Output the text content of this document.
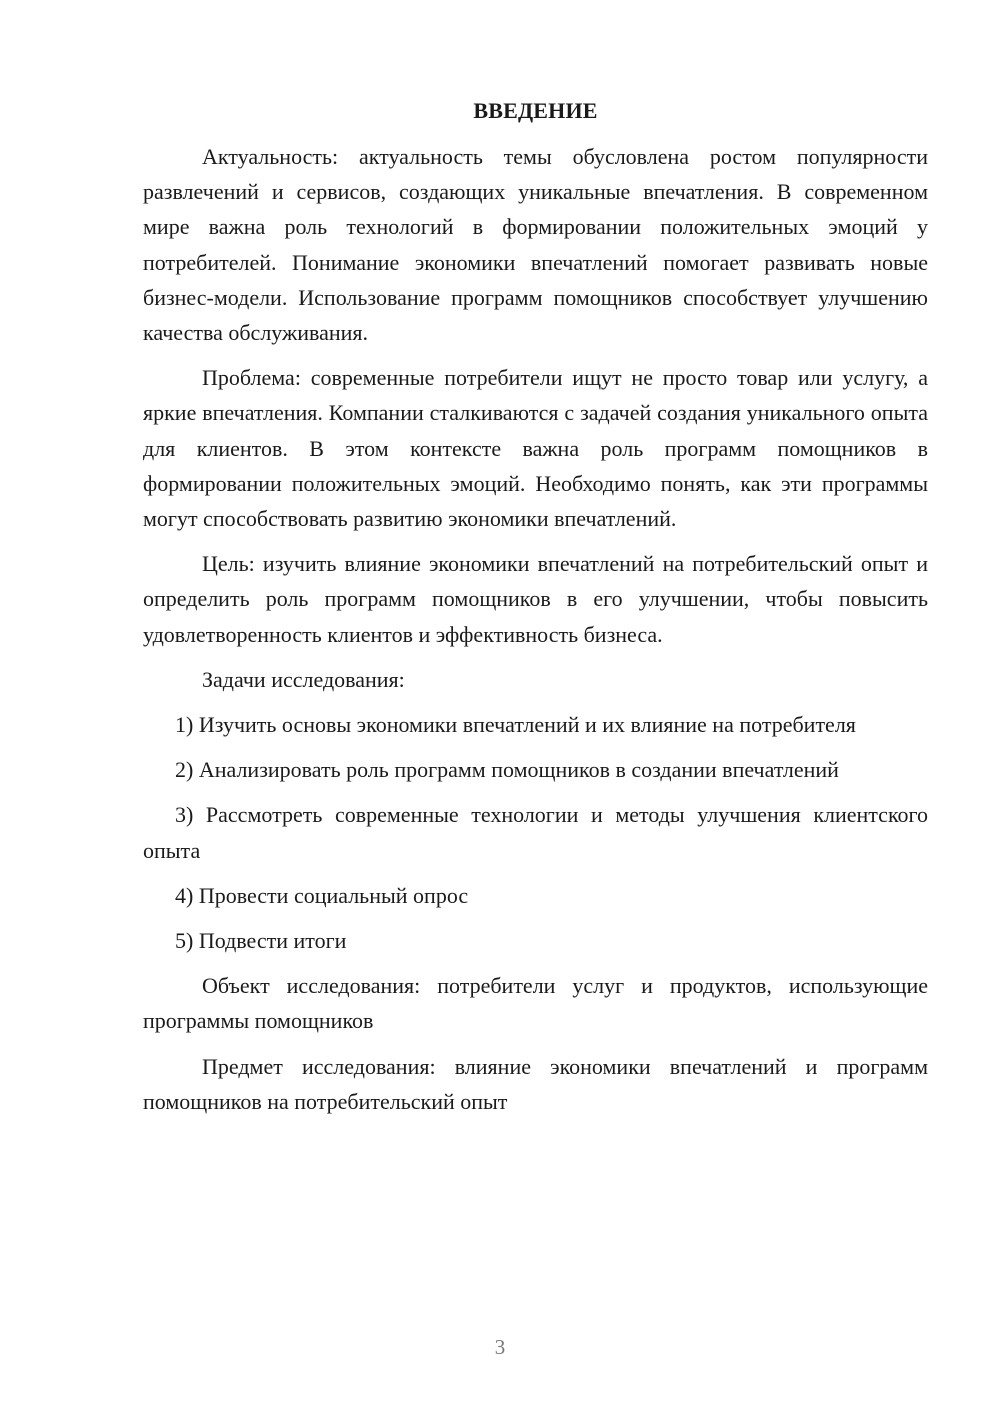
ВВЕДЕНИЕ

Актуальность: актуальность темы обусловлена ростом популярности развлечений и сервисов, создающих уникальные впечатления. В современном мире важна роль технологий в формировании положительных эмоций у потребителей. Понимание экономики впечатлений помогает развивать новые бизнес-модели. Использование программ помощников способствует улучшению качества обслуживания.

Проблема: современные потребители ищут не просто товар или услугу, а яркие впечатления. Компании сталкиваются с задачей создания уникального опыта для клиентов. В этом контексте важна роль программ помощников в формировании положительных эмоций. Необходимо понять, как эти программы могут способствовать развитию экономики впечатлений.

Цель: изучить влияние экономики впечатлений на потребительский опыт и определить роль программ помощников в его улучшении, чтобы повысить удовлетворенность клиентов и эффективность бизнеса.

Задачи исследования:

1) Изучить основы экономики впечатлений и их влияние на потребителя

2) Анализировать роль программ помощников в создании впечатлений

3) Рассмотреть современные технологии и методы улучшения клиентского опыта

4) Провести социальный опрос

5) Подвести итоги

Объект исследования: потребители услуг и продуктов, использующие программы помощников

Предмет исследования: влияние экономики впечатлений и программ помощников на потребительский опыт

3
